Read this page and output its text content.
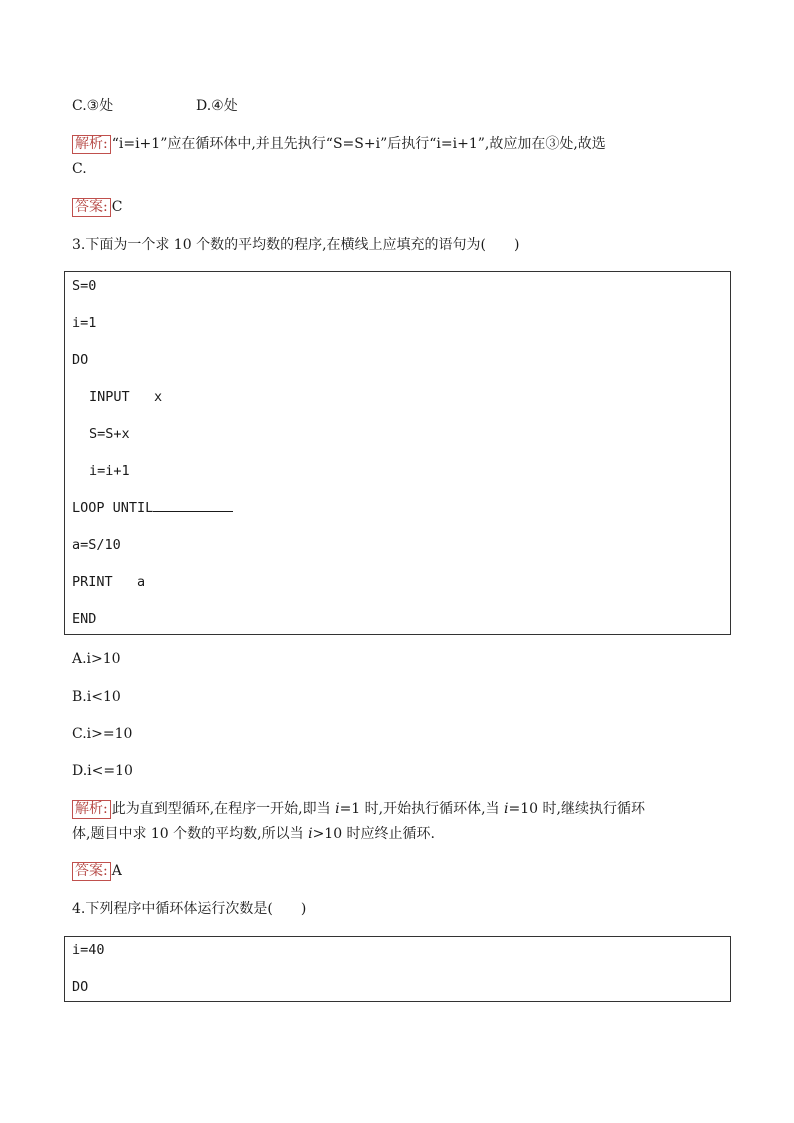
C.③处	D.④处
解析: “i=i+1”应在循环体中,并且先执行“S=S+i”后执行“i=i+1”,故应加在③处,故选
C.
答案: C
3.下面为一个求 10 个数的平均数的程序,在横线上应填充的语句为(　　)
S=0
i=1
DO
INPUT   x
S=S+x
i=i+1
LOOP UNTIL
a=S/10
PRINT   a
END
A.i>10
B.i<10
C.i>=10
D.i<=10
解析: 此为直到型循环,在程序一开始,即当 i=1 时,开始执行循环体,当 i=10 时,继续执行循环
体,题目中求 10 个数的平均数,所以当 i>10 时应终止循环.
答案: A
4.下列程序中循环体运行次数是(　　)
i=40
DO
